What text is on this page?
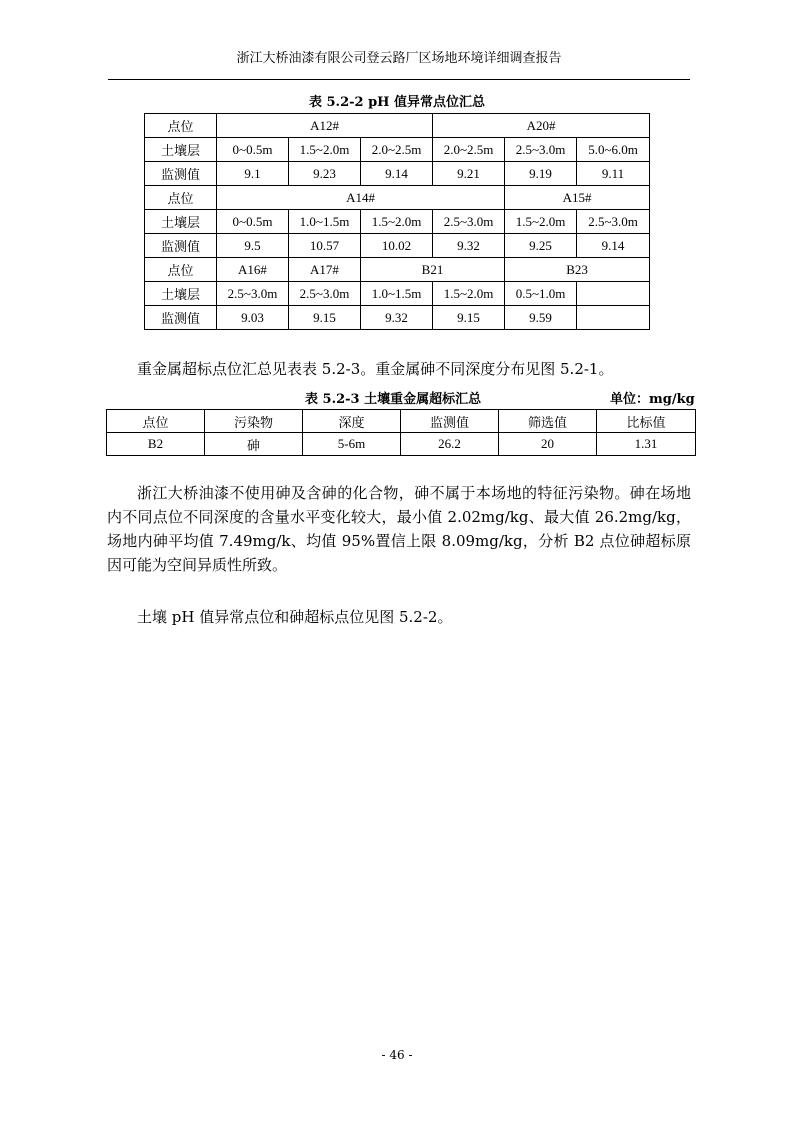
浙江大桥油漆有限公司登云路厂区场地环境详细调查报告
表 5.2-2 pH 值异常点位汇总
点位	A12#			A20#		
土壤层	0~0.5m	1.5~2.0m	2.0~2.5m	2.0~2.5m	2.5~3.0m	5.0~6.0m
监测值	9.1	9.23	9.14	9.21	9.19	9.11
点位	A14#				A15#	
土壤层	0~0.5m	1.0~1.5m	1.5~2.0m	2.5~3.0m	1.5~2.0m	2.5~3.0m
监测值	9.5	10.57	10.02	9.32	9.25	9.14
点位	A16#	A17#	B21		B23	
土壤层	2.5~3.0m	2.5~3.0m	1.0~1.5m	1.5~2.0m	0.5~1.0m	
监测值	9.03	9.15	9.32	9.15	9.59	

重金属超标点位汇总见表表 5.2-3。重金属砷不同深度分布见图 5.2-1。

表 5.2-3 土壤重金属超标汇总	单位：mg/kg
点位	污染物	深度	监测值	筛选值	比标值
B2	砷	5-6m	26.2	20	1.31

浙江大桥油漆不使用砷及含砷的化合物，砷不属于本场地的特征污染物。砷在场地内不同点位不同深度的含量水平变化较大，最小值 2.02mg/kg、最大值 26.2mg/kg，场地内砷平均值 7.49mg/k、均值 95%置信上限 8.09mg/kg，分析 B2 点位砷超标原因可能为空间异质性所致。

土壤 pH 值异常点位和砷超标点位见图 5.2-2。

- 46 -
